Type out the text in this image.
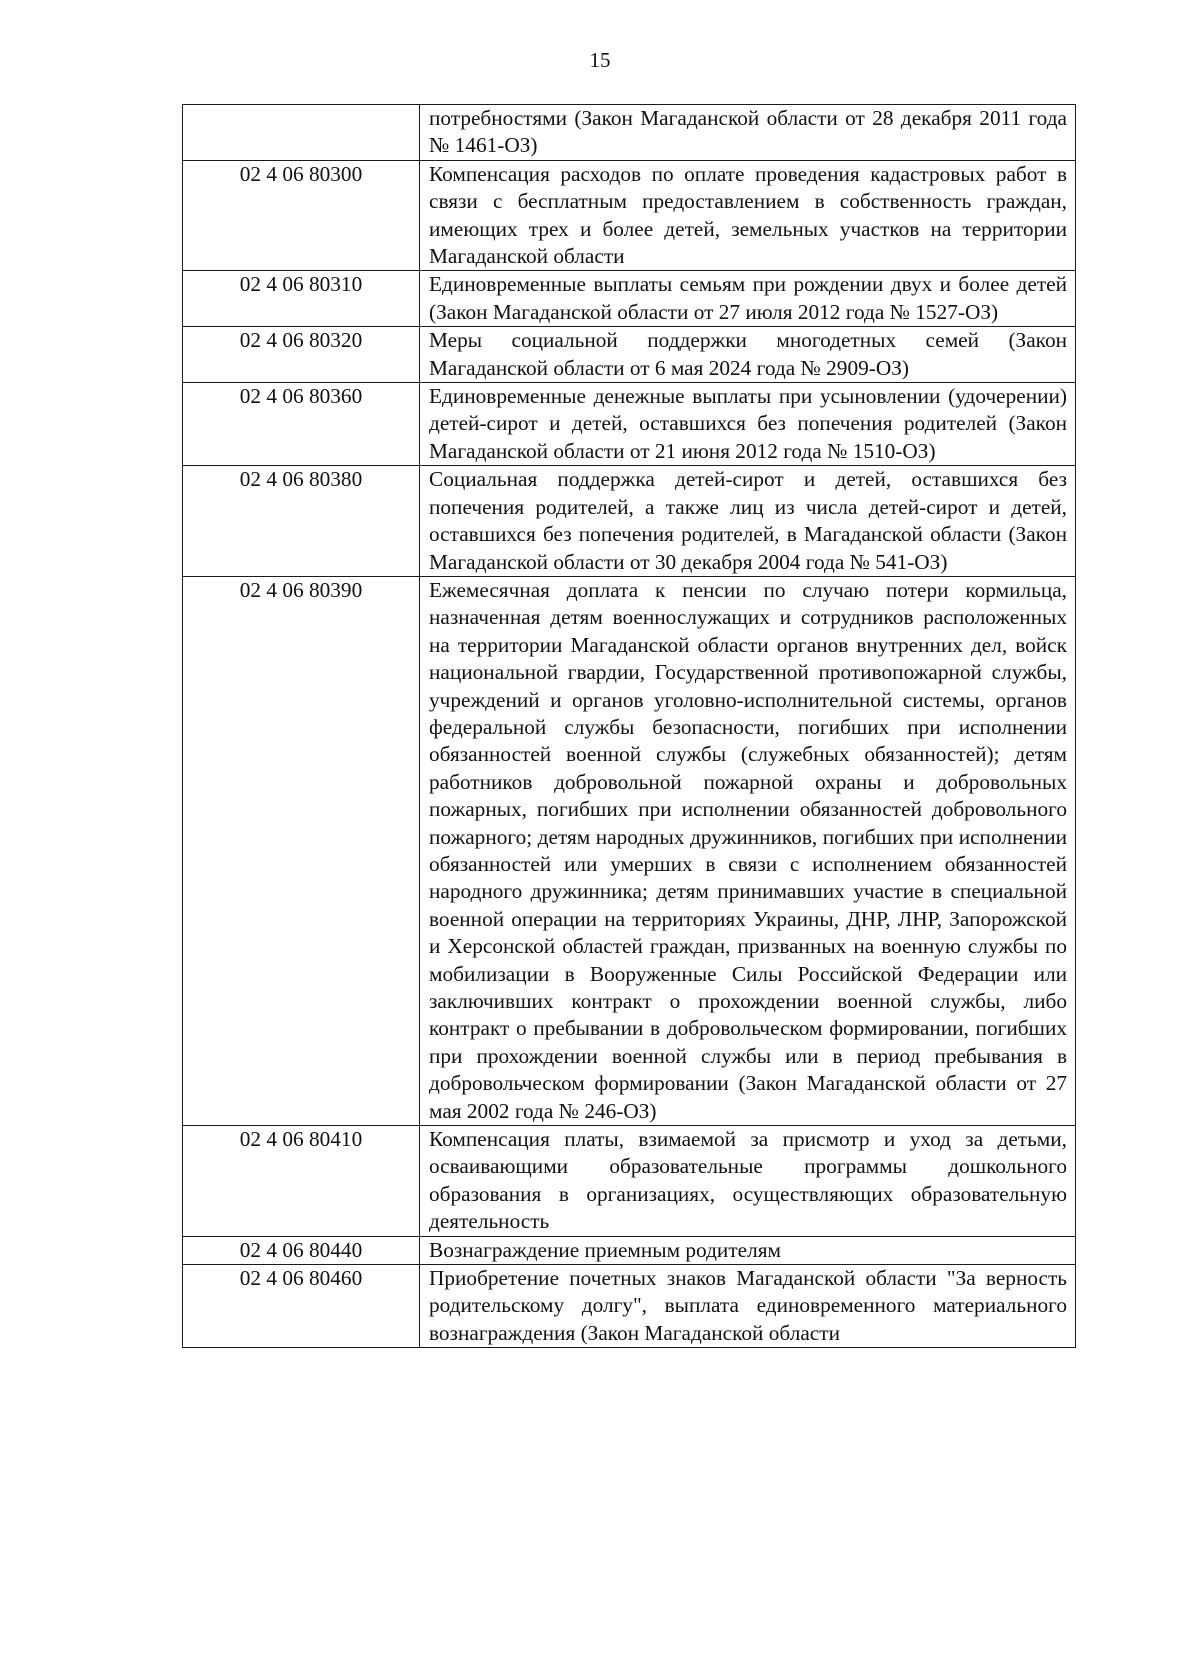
15
	потребностями (Закон Магаданской области от 28 декабря 2011 года № 1461-ОЗ)
02 4 06 80300	Компенсация расходов по оплате проведения кадастровых работ в связи с бесплатным предоставлением в собственность граждан, имеющих трех и более детей, земельных участков на территории Магаданской области
02 4 06 80310	Единовременные выплаты семьям при рождении двух и более детей (Закон Магаданской области от 27 июля 2012 года № 1527-ОЗ)
02 4 06 80320	Меры социальной поддержки многодетных семей (Закон Магаданской области от 6 мая 2024 года № 2909-ОЗ)
02 4 06 80360	Единовременные денежные выплаты при усыновлении (удочерении) детей-сирот и детей, оставшихся без попечения родителей (Закон Магаданской области от 21 июня 2012 года № 1510-ОЗ)
02 4 06 80380	Социальная поддержка детей-сирот и детей, оставшихся без попечения родителей, а также лиц из числа детей-сирот и детей, оставшихся без попечения родителей, в Магаданской области (Закон Магаданской области от 30 декабря 2004 года № 541-ОЗ)
02 4 06 80390	Ежемесячная доплата к пенсии по случаю потери кормильца, назначенная детям военнослужащих и сотрудников расположенных на территории Магаданской области органов внутренних дел, войск национальной гвардии, Государственной противопожарной службы, учреждений и органов уголовно-исполнительной системы, органов федеральной службы безопасности, погибших при исполнении обязанностей военной службы (служебных обязанностей); детям работников добровольной пожарной охраны и добровольных пожарных, погибших при исполнении обязанностей добровольного пожарного; детям народных дружинников, погибших при исполнении обязанностей или умерших в связи с исполнением обязанностей народного дружинника; детям принимавших участие в специальной военной операции на территориях Украины, ДНР, ЛНР, Запорожской и Херсонской областей граждан, призванных на военную службы по мобилизации в Вооруженные Силы Российской Федерации или заключивших контракт о прохождении военной службы, либо контракт о пребывании в добровольческом формировании, погибших при прохождении военной службы или в период пребывания в добровольческом формировании (Закон Магаданской области от 27 мая 2002 года № 246-ОЗ)
02 4 06 80410	Компенсация платы, взимаемой за присмотр и уход за детьми, осваивающими образовательные программы дошкольного образования в организациях, осуществляющих образовательную деятельность
02 4 06 80440	Вознаграждение приемным родителям
02 4 06 80460	Приобретение почетных знаков Магаданской области "За верность родительскому долгу", выплата единовременного материального вознаграждения (Закон Магаданской области
